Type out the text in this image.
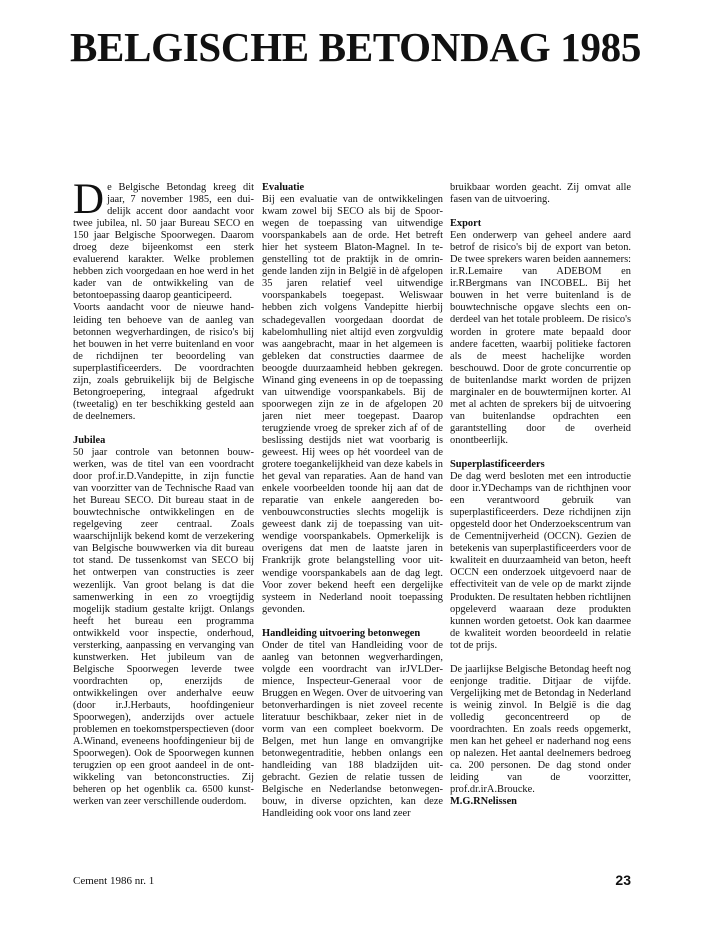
BELGISCHE BETONDAG 1985

De Belgische Betondag kreeg dit jaar, 7 november 1985, een duidelijk accent door aandacht voor twee jubilea, nl. 50 jaar Bureau SECO en 150 jaar Belgische Spoorwegen. Daarom droeg deze bijeenkomst een sterk evaluerend karakter. Welke problemen hebben zich voorgedaan en hoe werd in het kader van de ontwikkeling van de betontoepassing daarop geanticipeerd.

Voorts aandacht voor de nieuwe handleiding ten behoeve van de aanleg van betonnen wegverhardingen, de risico's bij het bouwen in het verre buitenland en voor de richdijnen ter beoordeling van superplastificeerders. De voordrachten zijn, zoals gebruikelijk bij de Belgische Betongroepering, integraal afgedrukt (tweetalig) en ter beschikking gesteld aan de deelnemers.

Jubilea

50 jaar controle van betonnen bouwwerken, was de titel van een voordracht door prof.ir.D.Vandepitte, in zijn functie van voorzitter van de Technische Raad van het Bureau SECO. Dit bureau staat in de bouwtechnische ontwikkelingen en de regelgeving zeer centraal. Zoals waarschijnlijk bekend komt de verzekering van Belgische bouwwerken via dit bureau tot stand. De tussenkomst van SECO bij het ontwerpen van constructies is zeer wezenlijk. Van groot belang is dat die samenwerking in een zo vroegtijdig mogelijk stadium gestalte krijgt. Onlangs heeft het bureau een programma ontwikkeld voor inspectie, onderhoud, versterking, aanpassing en vervanging van kunstwerken. Het jubileum van de Belgische Spoorwegen leverde twee voordrachten op, enerzijds de ontwikkelingen over anderhalve eeuw (door ir.J.Herbauts, hoofdingenieur Spoorwegen), anderzijds over actuele problemen en toekomstperspectieven (door A.Winand, eveneens hoofdingenieur bij de Spoorwegen). Ook de Spoorwegen kunnen terugzien op een groot aandeel in de ontwikkeling van betonconstructies. Zij beheren op het ogenblik ca. 6500 kunstwerken van zeer verschillende ouderdom.

Evaluatie

Bij een evaluatie van de ontwikkelingen kwam zowel bij SECO als bij de Spoorwegen de toepassing van uitwendige voorspankabels aan de orde. Het betreft hier het systeem Blaton-Magnel. In tegenstelling tot de praktijk in de omringende landen zijn in België in dè afgelopen 35 jaren relatief veel uitwendige voorspankabels toegepast. Weliswaar hebben zich volgens Vandepitte hierbij schadegevallen voorgedaan doordat de kabelomhulling niet altijd even zorgvuldig was aangebracht, maar in het algemeen is gebleken dat constructies daarmee de beoogde duurzaamheid hebben gekregen. Winand ging eveneens in op de toepassing van uitwendige voorspankabels. Bij de spoorwegen zijn ze in de afgelopen 20 jaren niet meer toegepast. Daarop terugziende vroeg de spreker zich af of de beslissing destijds niet wat voorbarig is geweest. Hij wees op hét voordeel van de grotere toegankelijkheid van deze kabels in het geval van reparaties. Aan de hand van enkele voorbeelden toonde hij aan dat de reparatie van enkele aangereden bovenbouwconstructies slechts mogelijk is geweest dank zij de toepassing van uitwendige voorspankabels. Opmerkelijk is overigens dat men de laatste jaren in Frankrijk grote belangstelling voor uitwendige voorspankabels aan de dag legt. Voor zover bekend heeft een dergelijke systeem in Nederland nooit toepassing gevonden.

Handleiding uitvoering betonwegen

Onder de titel van Handleiding voor de aanleg van betonnen wegverhardingen, volgde een voordracht van irJVLDermience, Inspecteur-Generaal voor de Bruggen en Wegen. Over de uitvoering van betonverhardingen is niet zoveel recente literatuur beschikbaar, zeker niet in de vorm van een compleet boekvorm. De Belgen, met hun lange en omvangrijke betonwegentraditie, hebben onlangs een handleiding van 188 bladzijden uitgebracht. Gezien de relatie tussen de Belgische en Nederlandse betonwegenbouw, in diverse opzichten, kan deze Handleiding ook voor ons land zeer

bruikbaar worden geacht. Zij omvat alle fasen van de uitvoering.

Export

Een onderwerp van geheel andere aard betrof de risico's bij de export van beton. De twee sprekers waren beiden aannemers: ir.R.Lemaire van ADEBOM en ir.RBergmans van INCOBEL. Bij het bouwen in het verre buitenland is de bouwtechnische opgave slechts een onderdeel van het totale probleem. De risico's worden in grotere mate bepaald door andere facetten, waarbij politieke factoren als de meest hachelijke worden beschouwd. Door de grote concurrentie op de buitenlandse markt worden de prijzen marginaler en de bouwtermijnen korter. Al met al achten de sprekers bij de uitvoering van buitenlandse opdrachten een garantstelling door de overheid onontbeerlijk.

Superplastificeerders

De dag werd besloten met een introductie door ir.YDechamps van de richthjnen voor een verantwoord gebruik van superplastificeerders. Deze richdijnen zijn opgesteld door het Onderzoekscentrum van de Cementnijverheid (OCCN). Gezien de betekenis van superplastificeerders voor de kwaliteit en duurzaamheid van beton, heeft OCCN een onderzoek uitgevoerd naar de effectiviteit van de vele op de markt zijnde Produkten. De resultaten hebben richtlijnen opgeleverd waaraan deze produkten kunnen worden getoetst. Ook kan daarmee de kwaliteit worden beoordeeld in relatie tot de prijs.

De jaarlijkse Belgische Betondag heeft nog eenjonge traditie. Ditjaar de vijfde. Vergelijking met de Betondag in Nederland is weinig zinvol. In België is die dag volledig geconcentreerd op de voordrachten. En zoals reeds opgemerkt, men kan het geheel er naderhand nog eens op nalezen. Het aantal deelnemers bedroeg ca. 200 personen. De dag stond onder leiding van de voorzitter, prof.dr.irA.Broucke.

M.G.RNelissen
Cement 1986 nr. 1	23
